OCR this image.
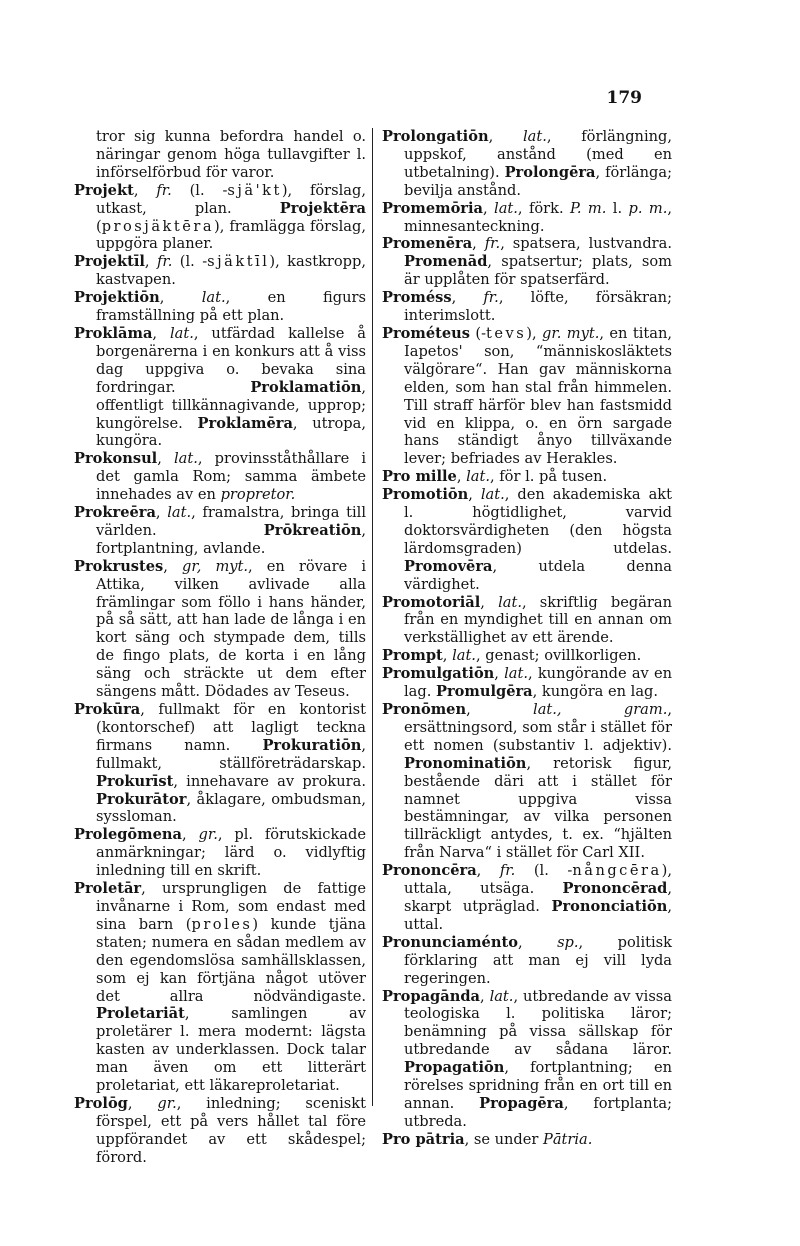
179
tror sig kunna befordra handel o. näringar genom höga tullavgifter l. införselförbud för varor.
Projekt, fr. (l. -sjä'kt), förslag, utkast, plan. Projektēra (prosjäktēra), framlägga förslag, uppgöra planer.
Projektīl, fr. (l. -sjäktīl), kastkropp, kastvapen.
Projektiōn, lat., en figurs framställning på ett plan.
Proklāma, lat., utfärdad kallelse å borgenärerna i en konkurs att å viss dag uppgiva o. bevaka sina fordringar. Proklamatiōn, offentligt tillkännagivande, upprop; kungörelse. Proklamēra, utropa, kungöra.
Prokonsul, lat., provinsståthållare i det gamla Rom; samma ämbete innehades av en propretor.
Prokreēra, lat., framalstra, bringa till världen. Prōkreatiōn, fortplantning, avlande.
Prokrustes, gr, myt., en rövare i Attika, vilken avlivade alla främlingar som föllo i hans händer, på så sätt, att han lade de långa i en kort säng och stympade dem, tills de fingo plats, de korta i en lång säng och sträckte ut dem efter sängens mått. Dödades av Teseus.
Prokūra, fullmakt för en kontorist (kontorschef) att lagligt teckna firmans namn. Prokuratiōn, fullmakt, ställföreträdarskap. Prokurīst, innehavare av prokura. Prokurātor, åklagare, ombudsman, syssloman.
Prolegōmena, gr., pl. förutskickade anmärkningar; lärd o. vidlyftig inledning till en skrift.
Proletār, ursprungligen de fattige invånarne i Rom, som endast med sina barn (proles) kunde tjäna staten; numera en sådan medlem av den egendomslösa samhällsklassen, som ej kan förtjäna något utöver det allra nödvändigaste. Proletariāt, samlingen av proletärer l. mera modernt: lägsta kasten av underklassen. Dock talar man även om ett litterärt proletariat, ett läkareproletariat.
Prolōg, gr., inledning; sceniskt förspel, ett på vers hållet tal före uppförandet av ett skådespel; förord.
Prolongatiōn, lat., förlängning, uppskof, anstånd (med en utbetalning). Prolongēra, förlänga; bevilja anstånd.
Promemōria, lat., förk. P. m. l. p. m., minnesanteckning.
Promenēra, fr., spatsera, lustvandra. Promenād, spatsertur; plats, som är upplåten för spatserfärd.
Proméss, fr., löfte, försäkran; interimslott.
Prométeus (-tevs), gr. myt., en titan, Iapetos' son, “människosläktets välgörare“. Han gav människorna elden, som han stal från himmelen. Till straff härför blev han fastsmidd vid en klippa, o. en örn sargade hans ständigt ånyo tillväxande lever; befriades av Herakles.
Pro mille, lat., för l. på tusen.
Promotiōn, lat., den akademiska akt l. högtidlighet, varvid doktorsvärdigheten (den högsta lärdomsgraden) utdelas. Promovēra, utdela denna värdighet.
Promotoriāl, lat., skriftlig begäran från en myndighet till en annan om verkställighet av ett ärende.
Prompt, lat., genast; ovillkorligen.
Promulgatiōn, lat., kungörande av en lag. Promulgēra, kungöra en lag.
Pronōmen, lat., gram., ersättningsord, som står i stället för ett nomen (substantiv l. adjektiv). Pronominatiōn, retorisk figur, bestående däri att i stället för namnet uppgiva vissa bestämningar, av vilka personen tillräckligt antydes, t. ex. “hjälten från Narva“ i stället för Carl XII.
Prononcēra, fr. (l. -nångcēra), uttala, utsäga. Prononcērad, skarpt utpräglad. Prononciatiōn, uttal.
Pronunciaménto, sp., politisk förklaring att man ej vill lyda regeringen.
Propagānda, lat., utbredande av vissa teologiska l. politiska läror; benämning på vissa sällskap för utbredande av sådana läror. Propagatiōn, fortplantning; en rörelses spridning från en ort till en annan. Propagēra, fortplanta; utbreda.
Pro pātria, se under Pātria.
